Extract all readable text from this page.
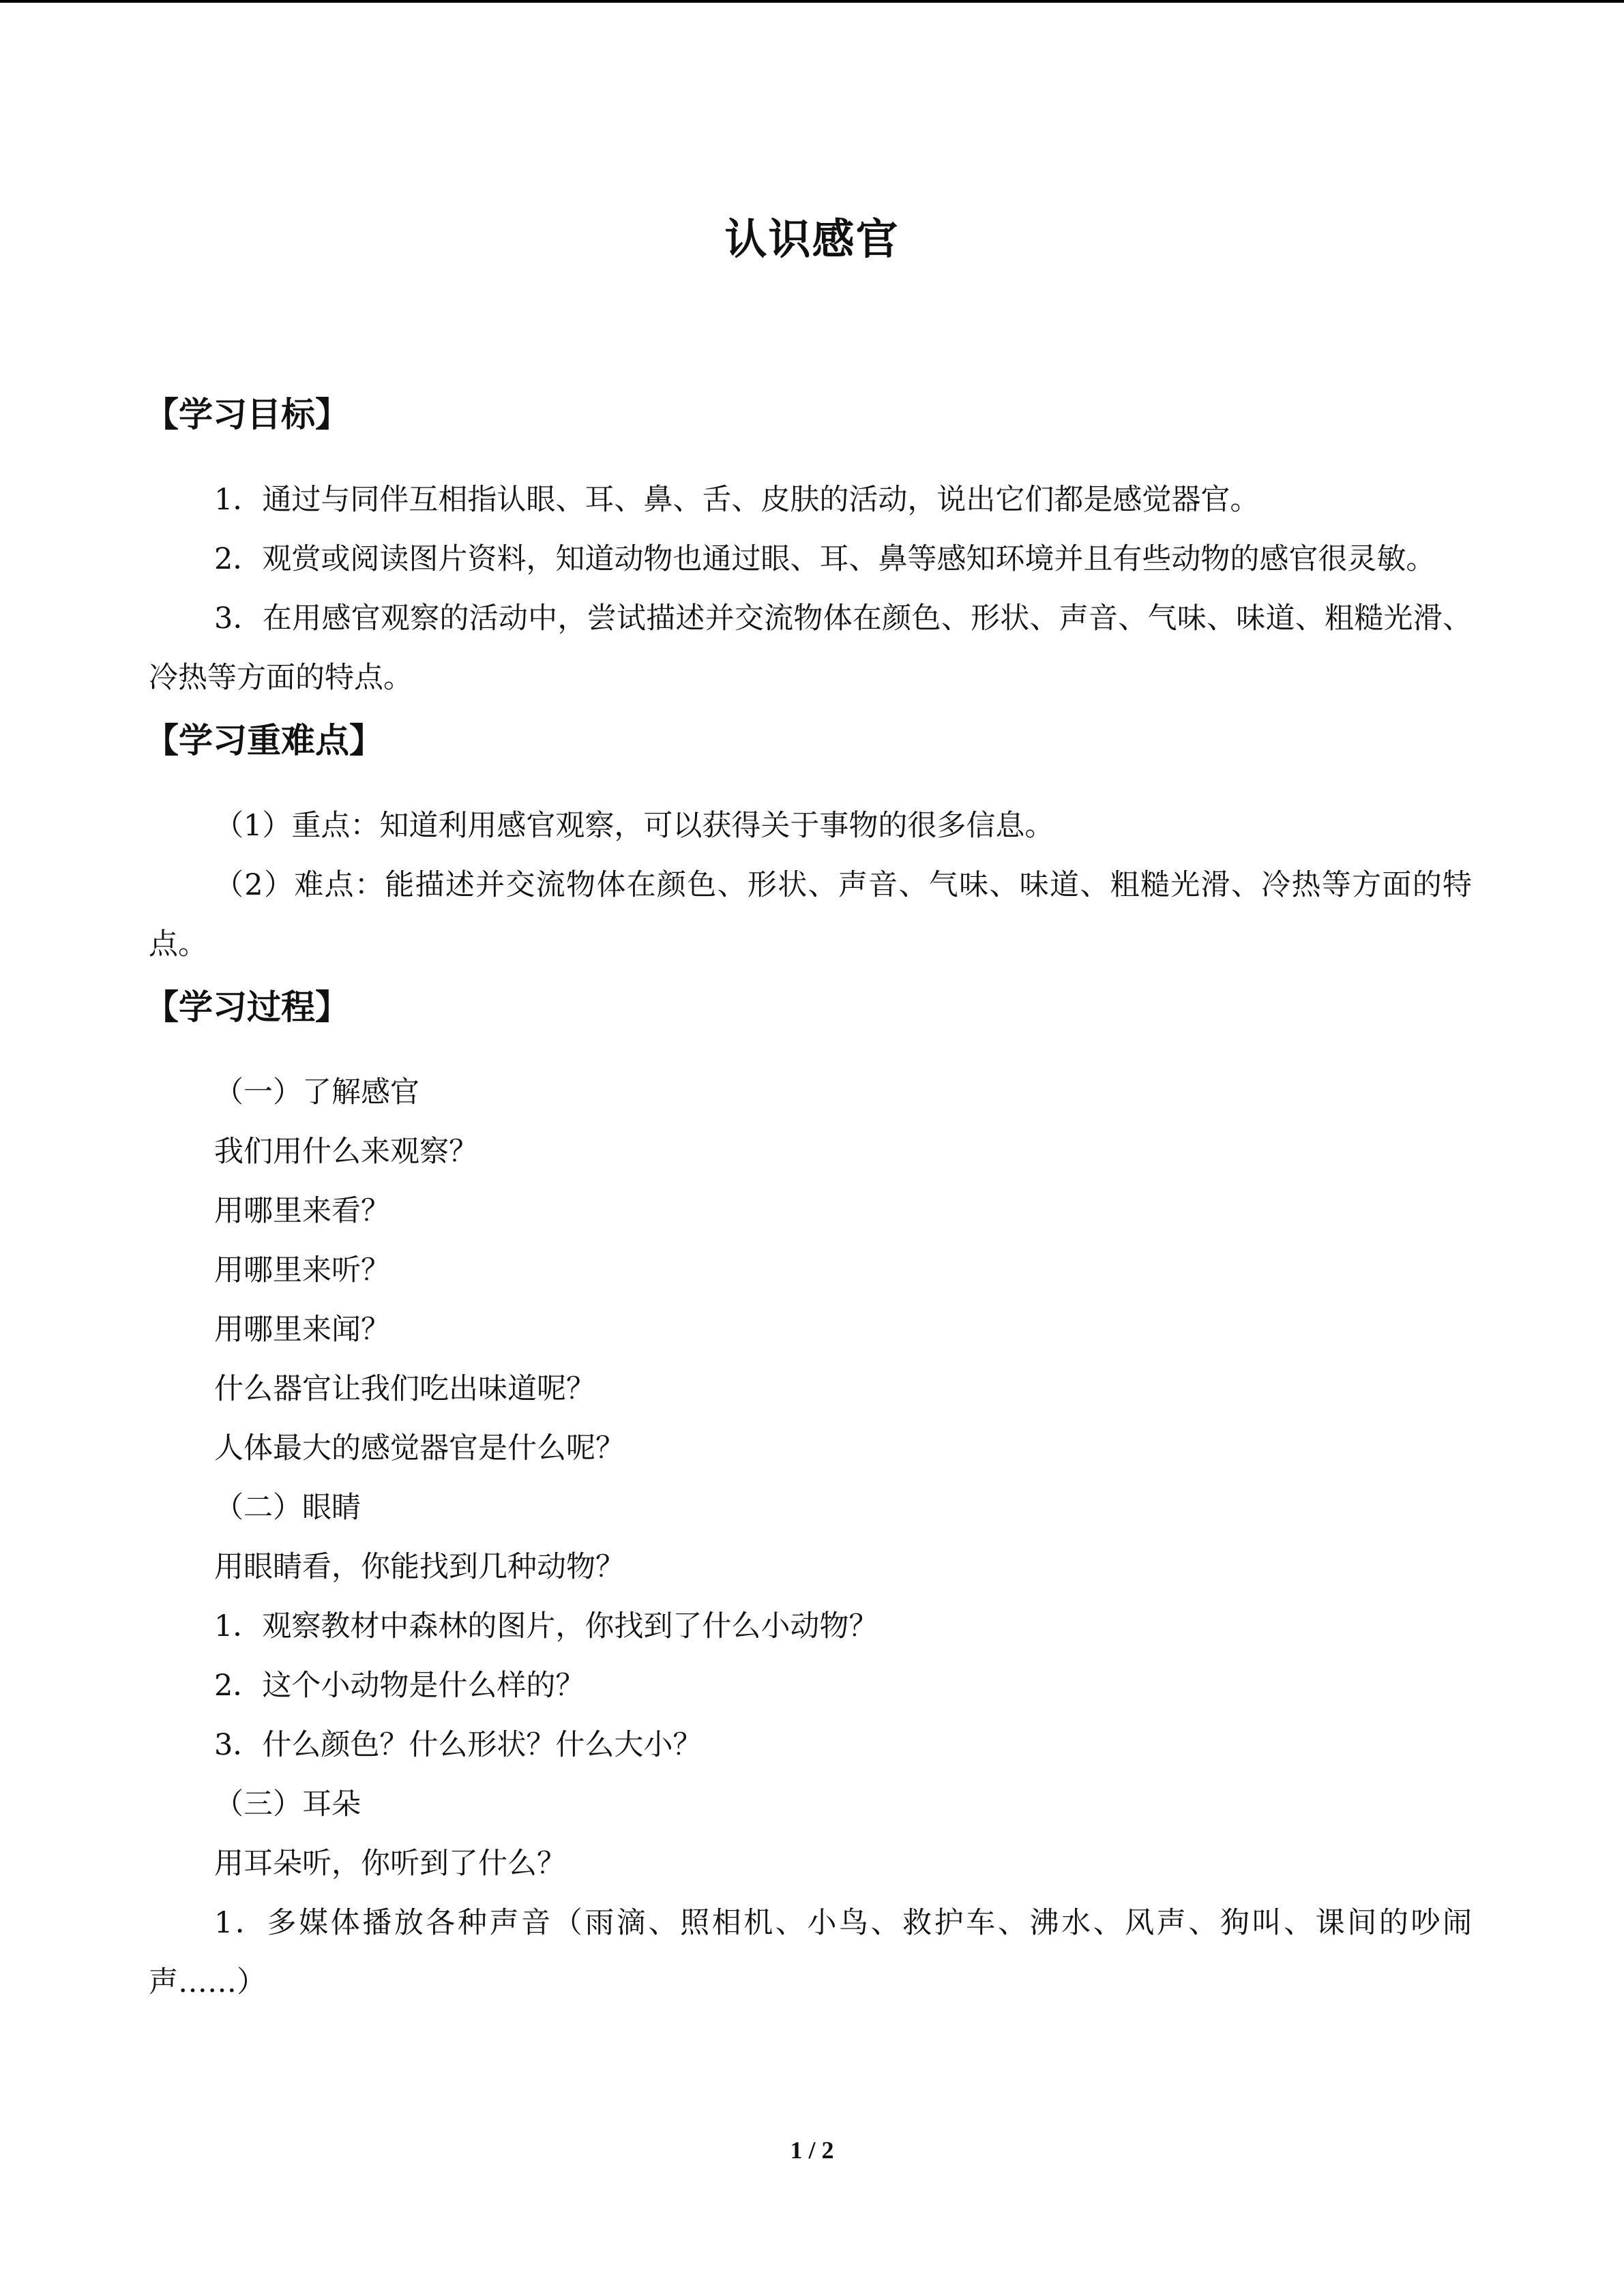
认识感官
【学习目标】
1．通过与同伴互相指认眼、耳、鼻、舌、皮肤的活动，说出它们都是感觉器官。
2．观赏或阅读图片资料，知道动物也通过眼、耳、鼻等感知环境并且有些动物的感官很灵敏。
3．在用感官观察的活动中，尝试描述并交流物体在颜色、形状、声音、气味、味道、粗糙光滑、冷热等方面的特点。
【学习重难点】
（1）重点：知道利用感官观察，可以获得关于事物的很多信息。
（2）难点：能描述并交流物体在颜色、形状、声音、气味、味道、粗糙光滑、冷热等方面的特点。
【学习过程】
（一）了解感官
我们用什么来观察？
用哪里来看？
用哪里来听？
用哪里来闻？
什么器官让我们吃出味道呢？
人体最大的感觉器官是什么呢？
（二）眼睛
用眼睛看，你能找到几种动物？
1．观察教材中森林的图片，你找到了什么小动物？
2．这个小动物是什么样的？
3．什么颜色？什么形状？什么大小？
（三）耳朵
用耳朵听，你听到了什么？
1．多媒体播放各种声音（雨滴、照相机、小鸟、救护车、沸水、风声、狗叫、课间的吵闹声……）
1 / 2
